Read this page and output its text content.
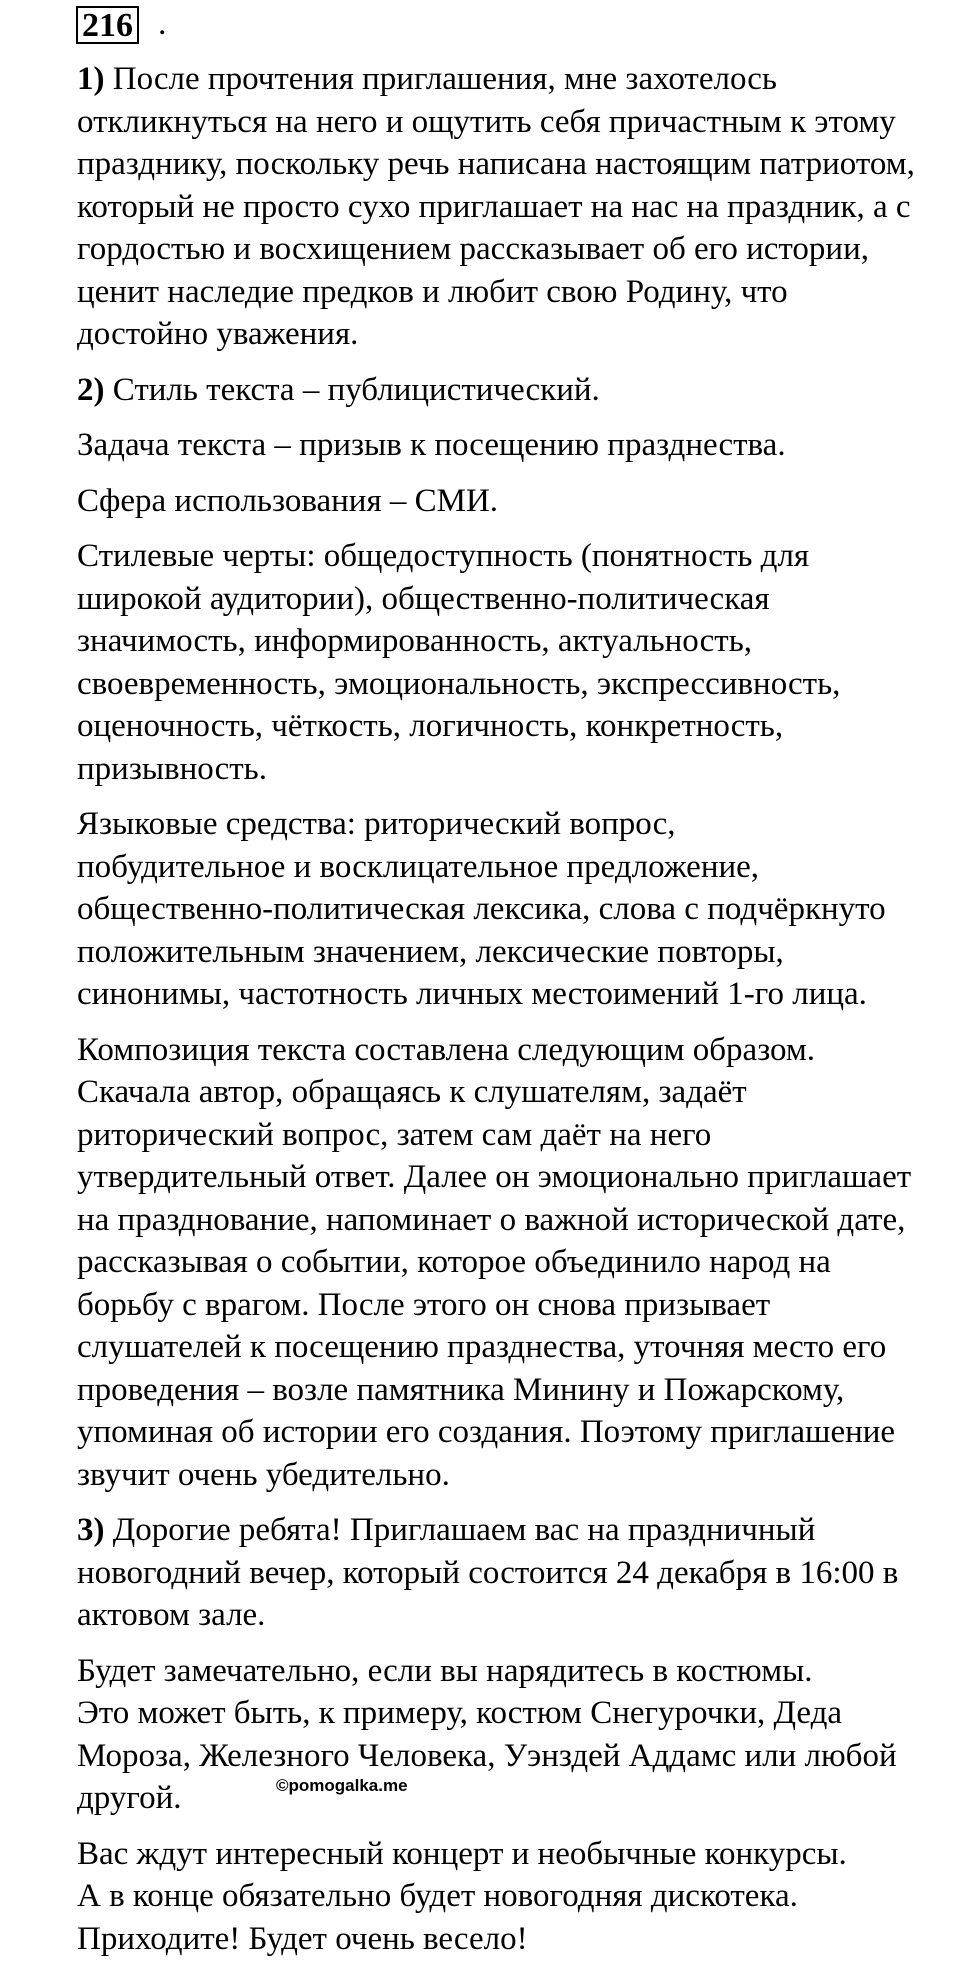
216 .

1) После прочтения приглашения, мне захотелось
откликнуться на него и ощутить себя причастным к этому
празднику, поскольку речь написана настоящим патриотом,
который не просто сухо приглашает на нас на праздник, а с
гордостью и восхищением рассказывает об его истории,
ценит наследие предков и любит свою Родину, что
достойно уважения.

2) Стиль текста – публицистический.

Задача текста – призыв к посещению празднества.

Сфера использования – СМИ.

Стилевые черты: общедоступность (понятность для
широкой аудитории), общественно-политическая
значимость, информированность, актуальность,
своевременность, эмоциональность, экспрессивность,
оценочность, чёткость, логичность, конкретность,
призывность.

Языковые средства: риторический вопрос,
побудительное и восклицательное предложение,
общественно-политическая лексика, слова с подчёркнуто
положительным значением, лексические повторы,
синонимы, частотность личных местоимений 1-го лица.

Композиция текста составлена следующим образом.
Скачала автор, обращаясь к слушателям, задаёт
риторический вопрос, затем сам даёт на него
утвердительный ответ. Далее он эмоционально приглашает
на празднование, напоминает о важной исторической дате,
рассказывая о событии, которое объединило народ на
борьбу с врагом. После этого он снова призывает
слушателей к посещению празднества, уточняя место его
проведения – возле памятника Минину и Пожарскому,
упоминая об истории его создания. Поэтому приглашение
звучит очень убедительно.

3) Дорогие ребята! Приглашаем вас на праздничный
новогодний вечер, который состоится 24 декабря в 16:00 в
актовом зале.

Будет замечательно, если вы нарядитесь в костюмы.
Это может быть, к примеру, костюм Снегурочки, Деда
Мороза, Железного Человека, Уэнздей Аддамс или любой
другой.

Вас ждут интересный концерт и необычные конкурсы.
А в конце обязательно будет новогодняя дискотека.
Приходите! Будет очень весело!

©pomogalka.me
